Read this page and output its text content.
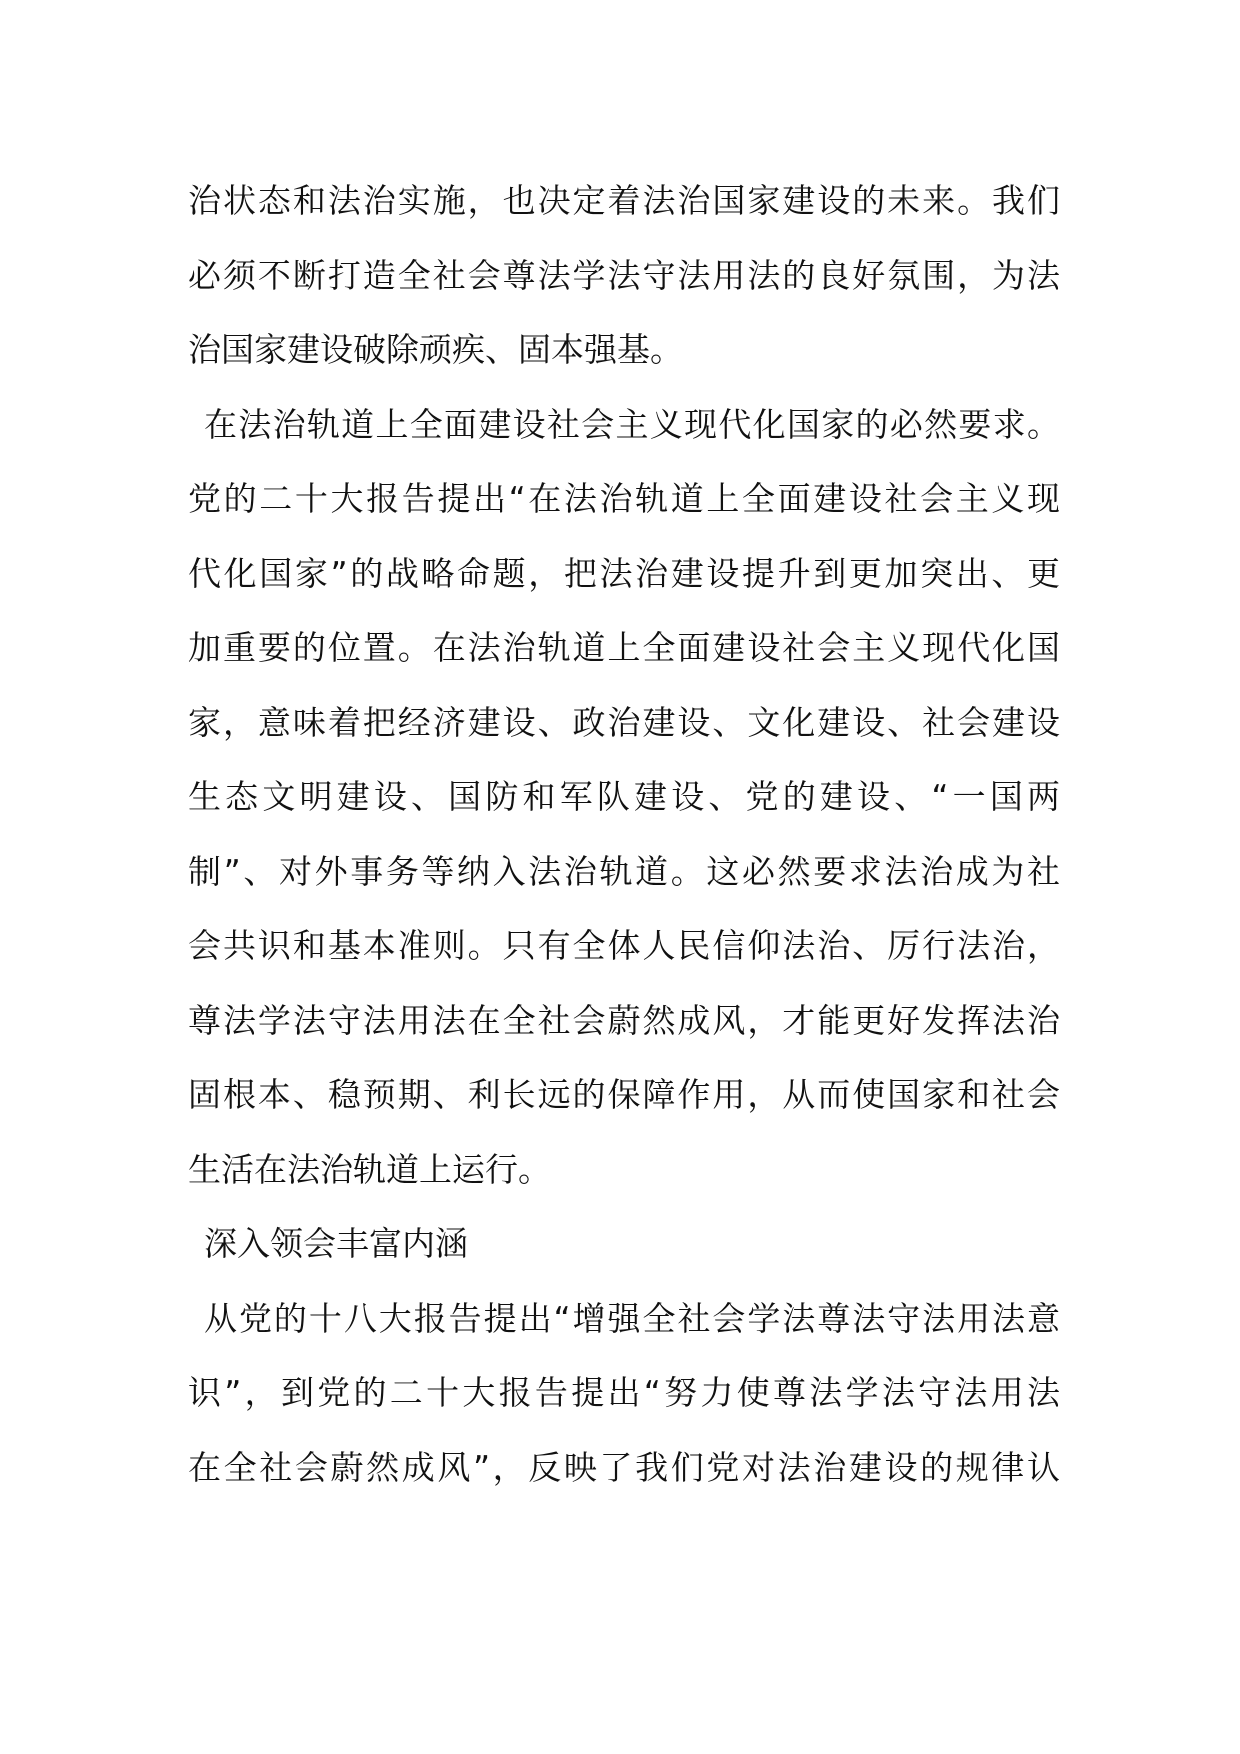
治状态和法治实施，也决定着法治国家建设的未来。我们
必须不断打造全社会尊法学法守法用法的良好氛围，为法
治国家建设破除顽疾、固本强基。
在法治轨道上全面建设社会主义现代化国家的必然要求。
党的二十大报告提出“在法治轨道上全面建设社会主义现
代化国家”的战略命题，把法治建设提升到更加突出、更
加重要的位置。在法治轨道上全面建设社会主义现代化国
家，意味着把经济建设、政治建设、文化建设、社会建设
生态文明建设、国防和军队建设、党的建设、“一国两
制”、对外事务等纳入法治轨道。这必然要求法治成为社
会共识和基本准则。只有全体人民信仰法治、厉行法治，
尊法学法守法用法在全社会蔚然成风，才能更好发挥法治
固根本、稳预期、利长远的保障作用，从而使国家和社会
生活在法治轨道上运行。
深入领会丰富内涵
从党的十八大报告提出“增强全社会学法尊法守法用法意
识”，到党的二十大报告提出“努力使尊法学法守法用法
在全社会蔚然成风”，反映了我们党对法治建设的规律认
